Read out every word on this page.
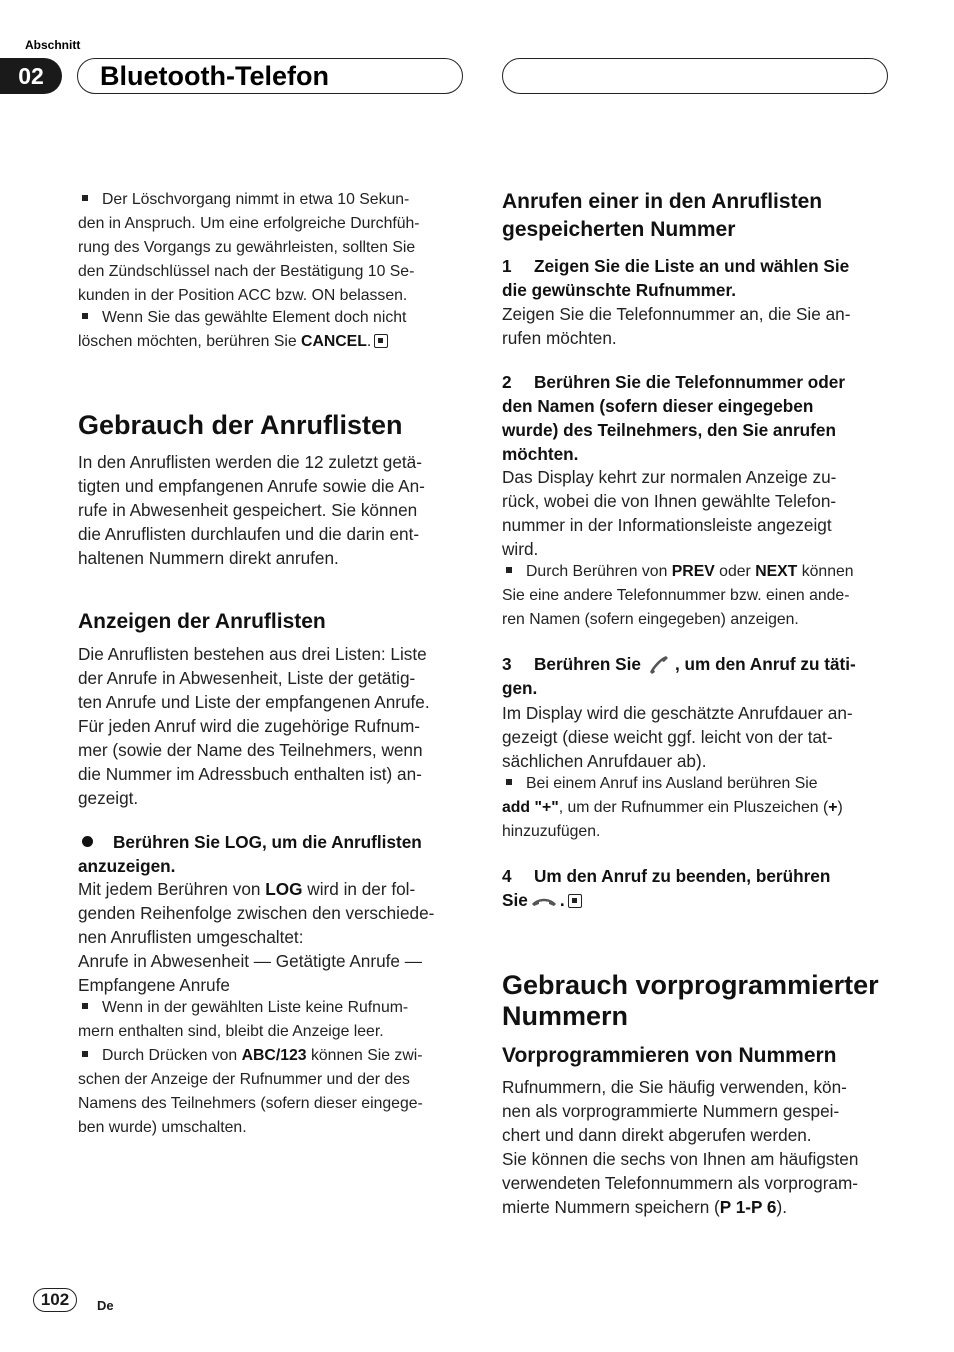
Abschnitt
02	Bluetooth-Telefon
Der Löschvorgang nimmt in etwa 10 Sekun-
den in Anspruch. Um eine erfolgreiche Durchfüh-
rung des Vorgangs zu gewährleisten, sollten Sie
den Zündschlüssel nach der Bestätigung 10 Se-
kunden in der Position ACC bzw. ON belassen.
Wenn Sie das gewählte Element doch nicht
löschen möchten, berühren Sie CANCEL.
Gebrauch der Anruflisten
In den Anruflisten werden die 12 zuletzt getä-
tigten und empfangenen Anrufe sowie die An-
rufe in Abwesenheit gespeichert. Sie können
die Anruflisten durchlaufen und die darin ent-
haltenen Nummern direkt anrufen.
Anzeigen der Anruflisten
Die Anruflisten bestehen aus drei Listen: Liste
der Anrufe in Abwesenheit, Liste der getätig-
ten Anrufe und Liste der empfangenen Anrufe.
Für jeden Anruf wird die zugehörige Rufnum-
mer (sowie der Name des Teilnehmers, wenn
die Nummer im Adressbuch enthalten ist) an-
gezeigt.
Berühren Sie LOG, um die Anruflisten
anzuzeigen.
Mit jedem Berühren von LOG wird in der fol-
genden Reihenfolge zwischen den verschiede-
nen Anruflisten umgeschaltet:
Anrufe in Abwesenheit — Getätigte Anrufe —
Empfangene Anrufe
Wenn in der gewählten Liste keine Rufnum-
mern enthalten sind, bleibt die Anzeige leer.
Durch Drücken von ABC/123 können Sie zwi-
schen der Anzeige der Rufnummer und der des
Namens des Teilnehmers (sofern dieser eingege-
ben wurde) umschalten.
Anrufen einer in den Anruflisten
gespeicherten Nummer
1 Zeigen Sie die Liste an und wählen Sie
die gewünschte Rufnummer.
Zeigen Sie die Telefonnummer an, die Sie an-
rufen möchten.
2 Berühren Sie die Telefonnummer oder
den Namen (sofern dieser eingegeben
wurde) des Teilnehmers, den Sie anrufen
möchten.
Das Display kehrt zur normalen Anzeige zu-
rück, wobei die von Ihnen gewählte Telefon-
nummer in der Informationsleiste angezeigt
wird.
Durch Berühren von PREV oder NEXT können
Sie eine andere Telefonnummer bzw. einen ande-
ren Namen (sofern eingegeben) anzeigen.
3 Berühren Sie , um den Anruf zu täti-
gen.
Im Display wird die geschätzte Anrufdauer an-
gezeigt (diese weicht ggf. leicht von der tat-
sächlichen Anrufdauer ab).
Bei einem Anruf ins Ausland berühren Sie
add "+", um der Rufnummer ein Pluszeichen (+)
hinzuzufügen.
4 Um den Anruf zu beenden, berühren
Sie .
Gebrauch vorprogrammierter
Nummern
Vorprogrammieren von Nummern
Rufnummern, die Sie häufig verwenden, kön-
nen als vorprogrammierte Nummern gespei-
chert und dann direkt abgerufen werden.
Sie können die sechs von Ihnen am häufigsten
verwendeten Telefonnummern als vorprogram-
mierte Nummern speichern (P 1-P 6).
102	De
